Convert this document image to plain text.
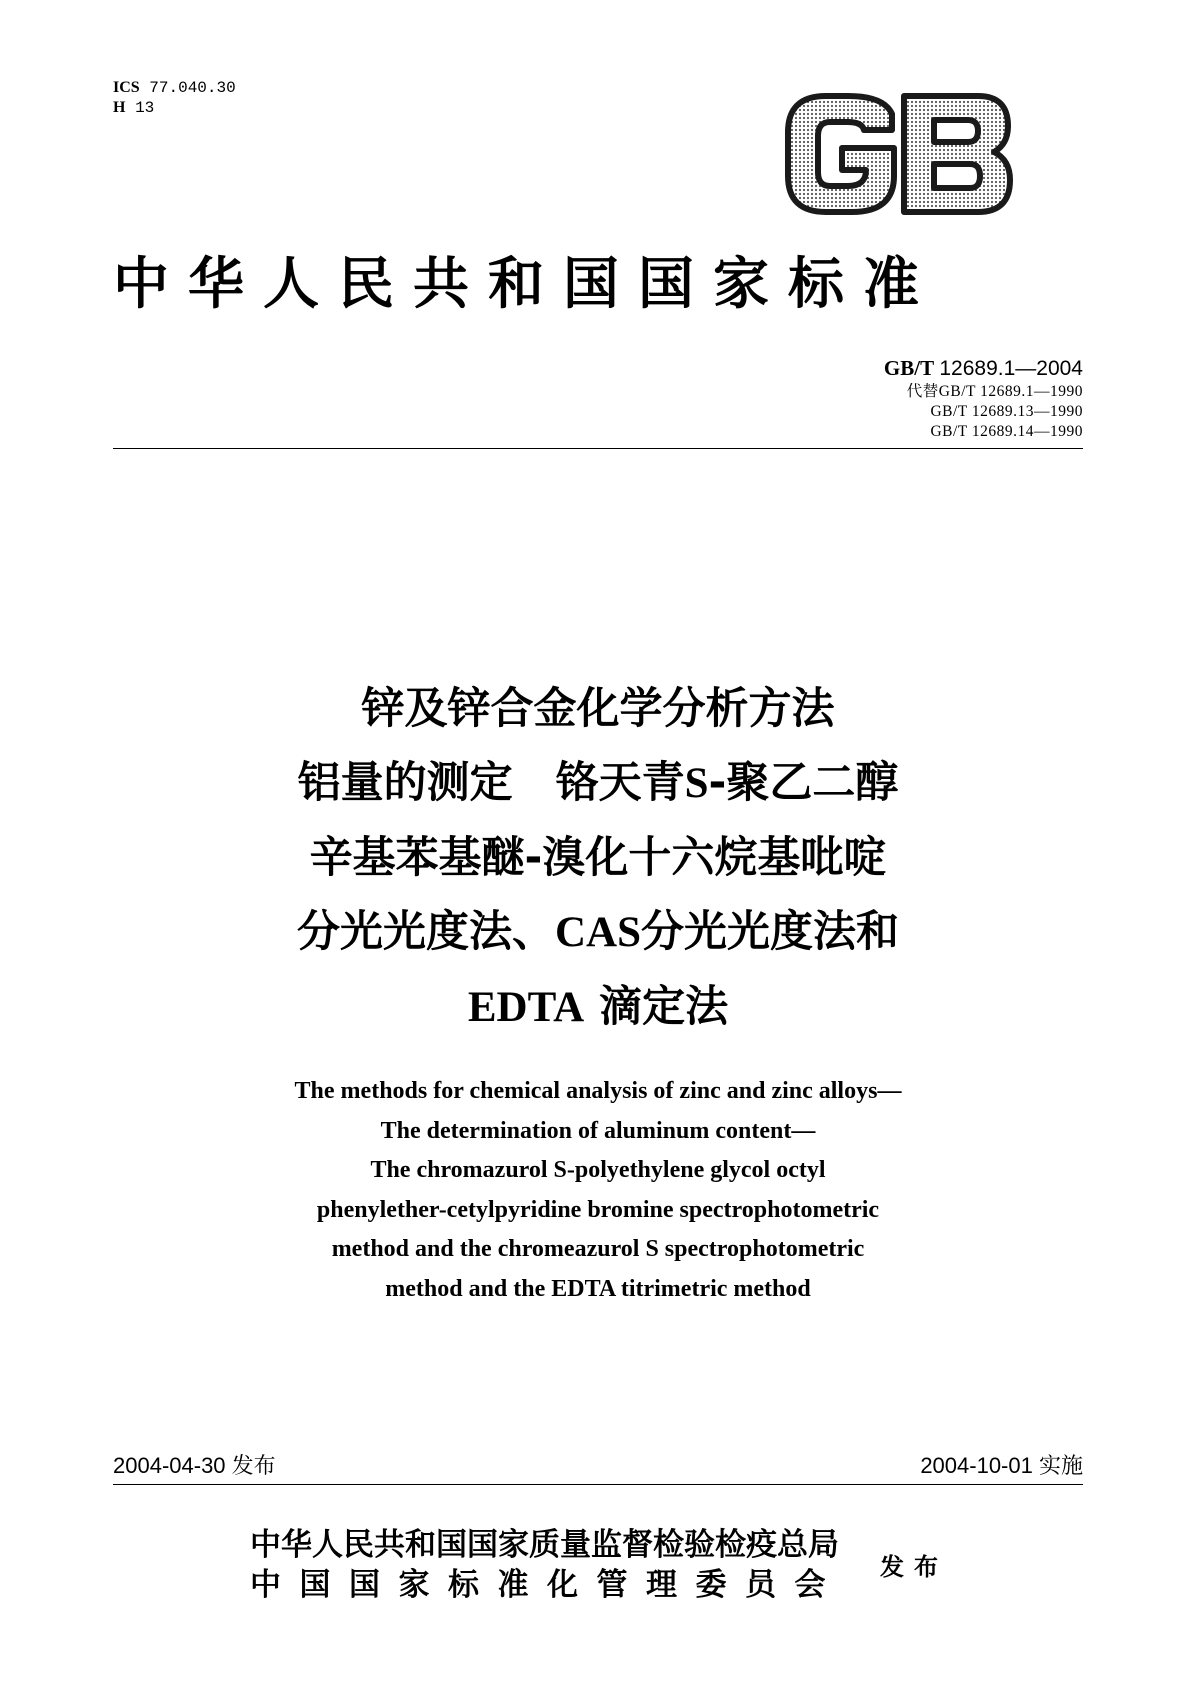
ICS 77.040.30
H 13
中华人民共和国国家标准
GB/T 12689.1—2004
代替GB/T 12689.1—1990
GB/T 12689.13—1990
GB/T 12689.14—1990
锌及锌合金化学分析方法
铝量的测定　铬天青S-聚乙二醇
辛基苯基醚-溴化十六烷基吡啶
分光光度法、CAS分光光度法和
EDTA 滴定法
The methods for chemical analysis of zinc and zinc alloys—
The determination of aluminum content—
The chromazurol S-polyethylene glycol octyl
phenylether-cetylpyridine bromine spectrophotometric
method and the chromeazurol S spectrophotometric
method and the EDTA titrimetric method
2004-04-30 发布	2004-10-01 实施
中华人民共和国国家质量监督检验检疫总局
中国国家标准化管理委员会 发布
